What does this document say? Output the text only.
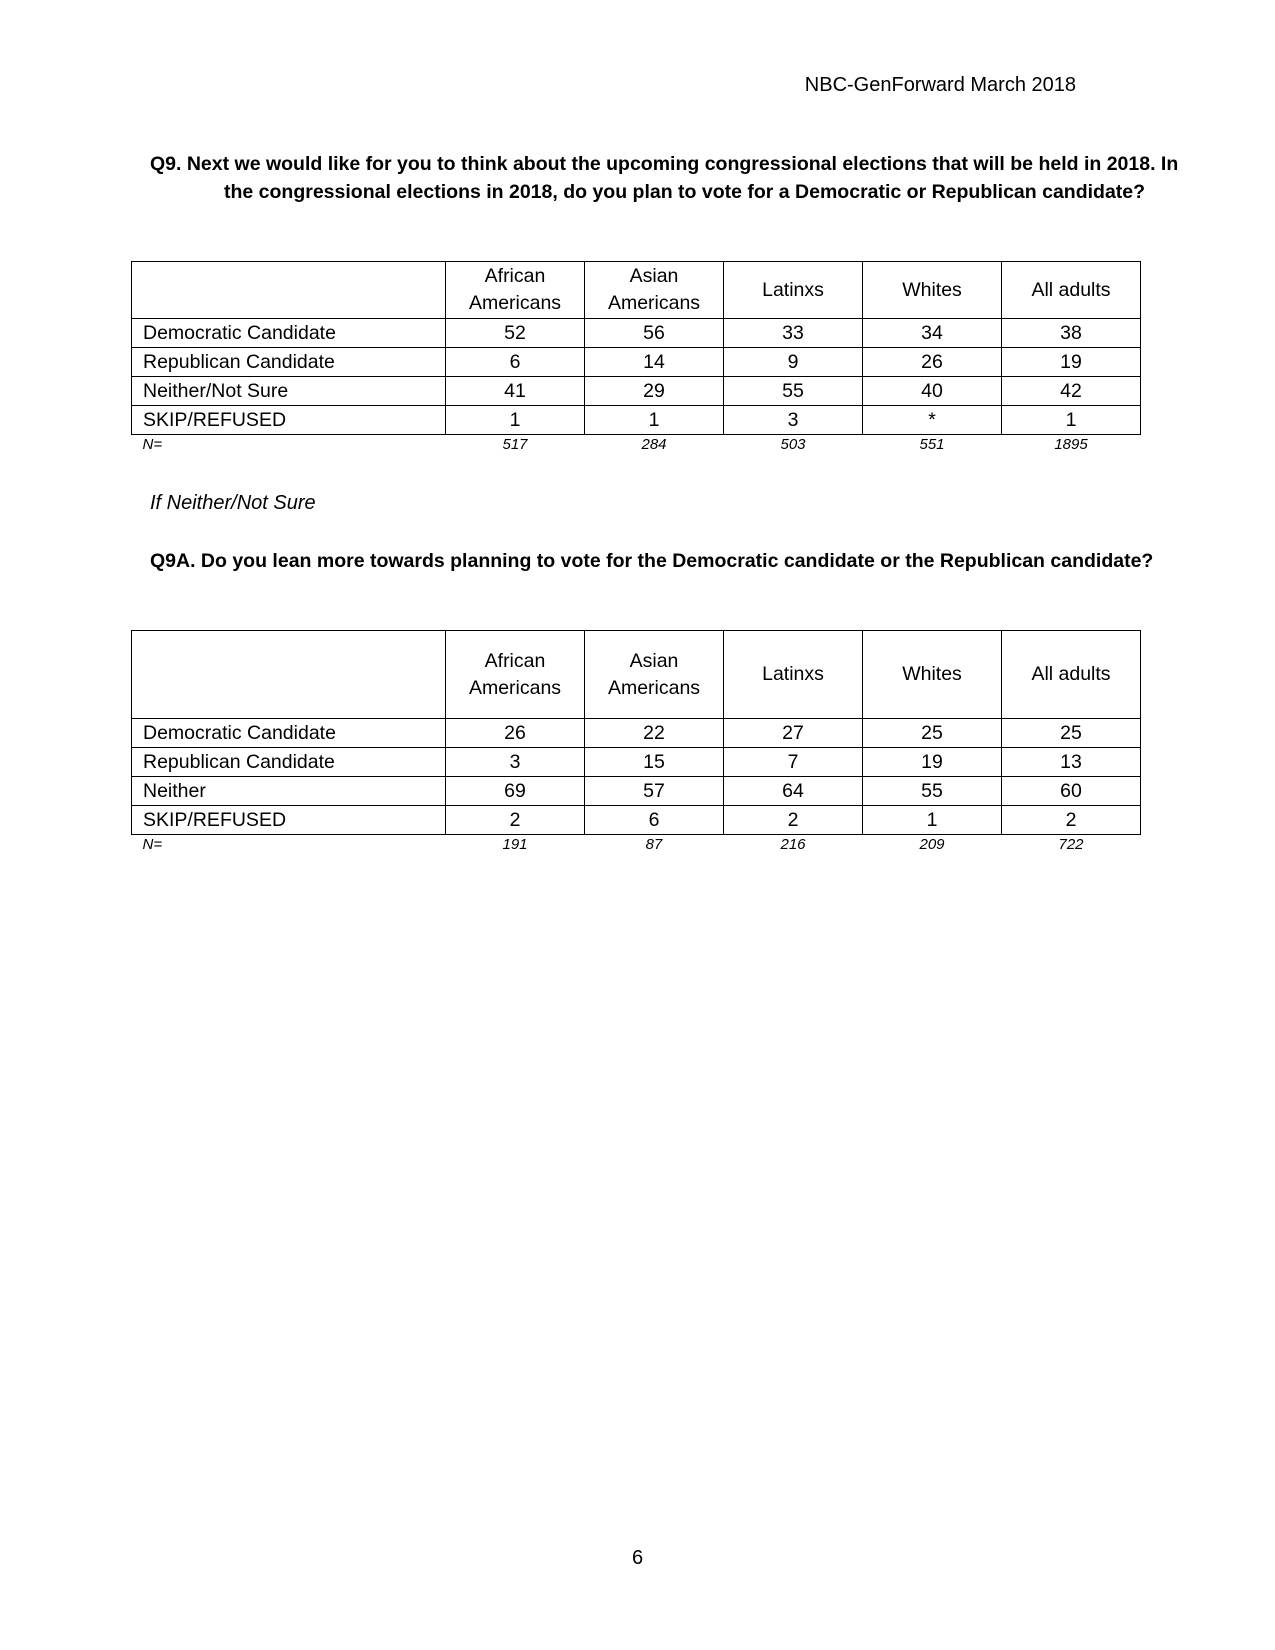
NBC-GenForward March 2018
Q9. Next we would like for you to think about the upcoming congressional elections that will be held in 2018. In the congressional elections in 2018, do you plan to vote for a Democratic or Republican candidate?
	African Americans	Asian Americans	Latinxs	Whites	All adults
Democratic Candidate	52	56	33	34	38
Republican Candidate	6	14	9	26	19
Neither/Not Sure	41	29	55	40	42
SKIP/REFUSED	1	1	3	*	1
N=	517	284	503	551	1895
If Neither/Not Sure
Q9A. Do you lean more towards planning to vote for the Democratic candidate or the Republican candidate?
	African Americans	Asian Americans	Latinxs	Whites	All adults
Democratic Candidate	26	22	27	25	25
Republican Candidate	3	15	7	19	13
Neither	69	57	64	55	60
SKIP/REFUSED	2	6	2	1	2
N=	191	87	216	209	722
6
